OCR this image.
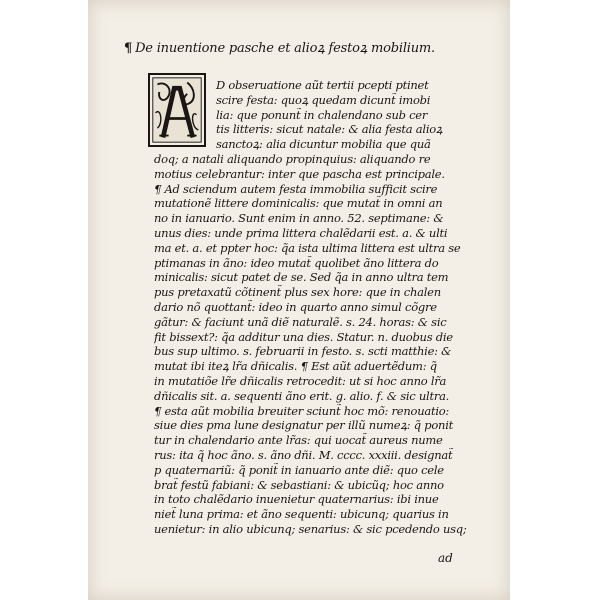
¶ De inuentione pasche et alioꝝ festoꝝ mobilium.
D obseruatione aũt tertii pcepti ptinet
scire festa: quoꝝ quedam dicunt̃ imobi
lia: que ponunt̃ in chalendano sub cer
tis litteris: sicut natale: & alia festa alioꝝ
sanctoꝝ: alia dicuntur mobilia que quã
doq; a natali aliquando propinquius: aliquando re
motius celebrantur: inter que pascha est principale.
¶ Ad sciendum autem festa immobilia sufficit scire
mutationẽ littere dominicalis: que mutat̃ in omni an
no in ianuario. Sunt enim in anno. 52. septimane: &
unus dies: unde prima littera chalẽdarii est. a. & ulti
ma et. a. et ppter hoc: q̃a ista ultima littera est ultra se
ptimanas in ãno: ideo mutat̃ quolibet ãno littera do
minicalis: sicut patet de se. Sed q̃a in anno ultra tem
pus pretaxatũ cõtinent̃ plus sex hore: que in chalen
dario nõ quottant̃: ideo in quarto anno simul cõgre
gãtur: & faciunt unã diẽ naturalẽ. s. 24. horas: & sic
fit bissext?: q̃a additur una dies. Statur. n. duobus die
bus sup ultimo. s. februarii in festo. s. scti matthie: &
mutat ibi iteꝝ lr̃a dñicalis. ¶ Est aũt aduertẽdum: q̃
in mutatiõe lr̃e dñicalis retrocedit: ut si hoc anno lr̃a
dñicalis sit. a. sequenti ãno erit. g. alio. f. & sic ultra.
¶ esta aũt mobilia breuiter sciunt̃ hoc mõ: renouatio:
siue dies pma lune designatur per illũ numeꝝ: q̃ ponit
tur in chalendario ante lr̃as: qui uocat̃ aureus nume
rus: ita q̃ hoc ãno. s. ãno dñi. M. cccc. xxxiii. designat̃
p quaternariũ: q̃ ponit̃ in ianuario ante diẽ: quo cele
brat̃ festũ fabiani: & sebastiani: & ubicũq; hoc anno
in toto chalẽdario inuenietur quaternarius: ibi inue
niet̃ luna prima: et ãno sequenti: ubicunq; quarius in
uenietur: in alio ubicunq; senarius: & sic pcedendo usq;
ad
